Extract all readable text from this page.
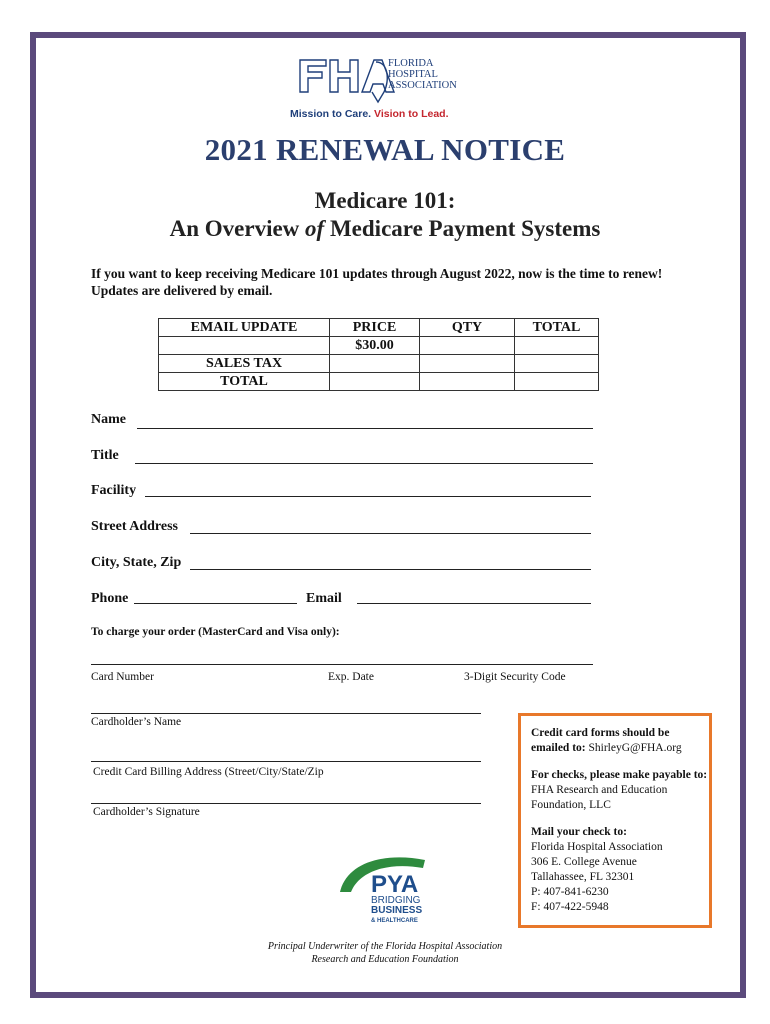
FLORIDA
HOSPITAL
ASSOCIATION
Mission to Care. Vision to Lead.
2021 RENEWAL NOTICE
Medicare 101:
An Overview of Medicare Payment Systems
If you want to keep receiving Medicare 101 updates through August 2022, now is the time to renew! Updates are delivered by email.
EMAIL UPDATE	PRICE	QTY	TOTAL
	$30.00		
SALES TAX			
TOTAL			
Name
Title
Facility
Street Address
City, State, Zip
Phone	Email
To charge your order (MasterCard and Visa only):
Card Number	Exp. Date	3-Digit Security Code
Cardholder’s Name
Credit Card Billing Address (Street/City/State/Zip
Cardholder’s Signature

Credit card forms should be emailed to: ShirleyG@FHA.org

For checks, please make payable to: FHA Research and Education Foundation, LLC

Mail your check to:
Florida Hospital Association
306 E. College Avenue
Tallahassee, FL 32301
P: 407-841-6230
F: 407-422-5948
PYA
BRIDGING
BUSINESS
& HEALTHCARE
Principal Underwriter of the Florida Hospital Association
Research and Education Foundation
